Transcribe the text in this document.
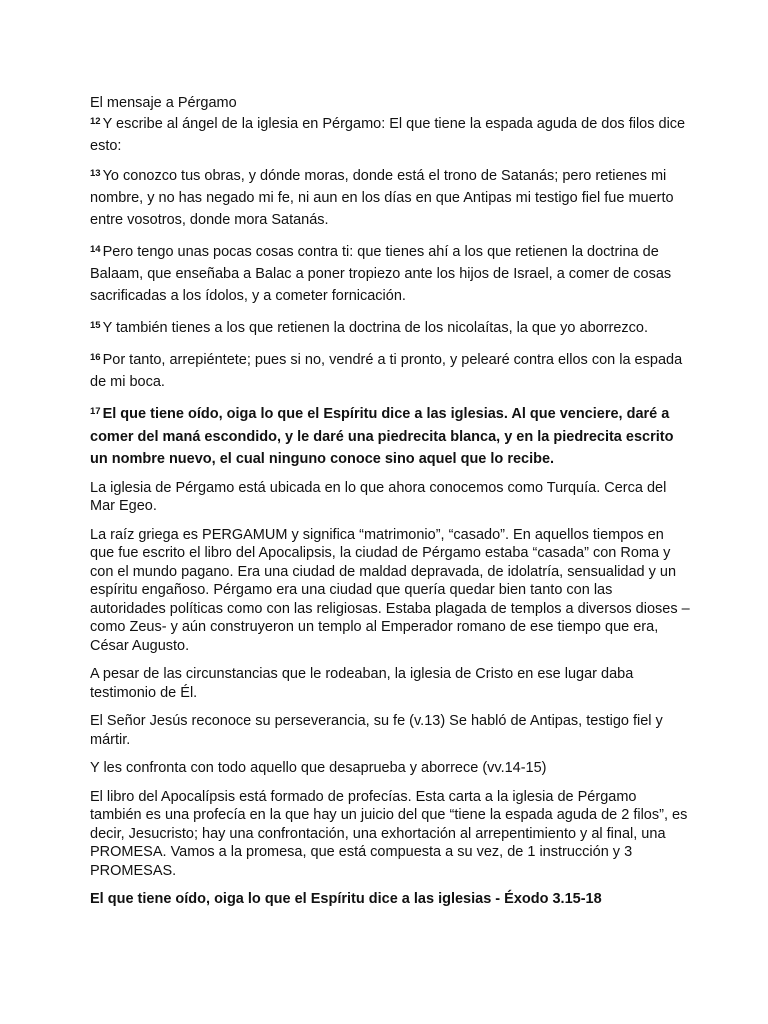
El mensaje a Pérgamo

$^{12}$ Y escribe al ángel de la iglesia en Pérgamo: El que tiene la espada aguda de dos filos dice esto:

$^{13}$ Yo conozco tus obras, y dónde moras, donde está el trono de Satanás; pero retienes mi nombre, y no has negado mi fe, ni aun en los días en que Antipas mi testigo fiel fue muerto entre vosotros, donde mora Satanás.

$^{14}$ Pero tengo unas pocas cosas contra ti: que tienes ahí a los que retienen la doctrina de Balaam, que enseñaba a Balac a poner tropiezo ante los hijos de Israel, a comer de cosas sacrificadas a los ídolos, y a cometer fornicación.

$^{15}$ Y también tienes a los que retienen la doctrina de los nicolaítas, la que yo aborrezco.

$^{16}$ Por tanto, arrepiéntete; pues si no, vendré a ti pronto, y pelearé contra ellos con la espada de mi boca.

$^{17}$ El que tiene oído, oiga lo que el Espíritu dice a las iglesias. Al que venciere, daré a comer del maná escondido, y le daré una piedrecita blanca, y en la piedrecita escrito un nombre nuevo, el cual ninguno conoce sino aquel que lo recibe.

La iglesia de Pérgamo está ubicada en lo que ahora conocemos como Turquía. Cerca del Mar Egeo.

La raíz griega es PERGAMUM y significa “matrimonio”, “casado”. En aquellos tiempos en que fue escrito el libro del Apocalipsis, la ciudad de Pérgamo estaba “casada” con Roma y con el mundo pagano. Era una ciudad de maldad depravada, de idolatría, sensualidad y un espíritu engañoso. Pérgamo era una ciudad que quería quedar bien tanto con las autoridades políticas como con las religiosas. Estaba plagada de templos a diversos dioses –como Zeus- y aún construyeron un templo al Emperador romano de ese tiempo que era, César Augusto.

A pesar de las circunstancias que le rodeaban, la iglesia de Cristo en ese lugar daba testimonio de Él.

El Señor Jesús reconoce su perseverancia, su fe (v.13) Se habló de Antipas, testigo fiel y mártir.

Y les confronta con todo aquello que desaprueba y aborrece (vv.14-15)

El libro del Apocalípsis está formado de profecías. Esta carta a la iglesia de Pérgamo también es una profecía en la que hay un juicio del que “tiene la espada aguda de 2 filos”, es decir, Jesucristo; hay una confrontación, una exhortación al arrepentimiento y al final, una PROMESA. Vamos a la promesa, que está compuesta a su vez, de 1 instrucción y 3 PROMESAS.

El que tiene oído, oiga lo que el Espíritu dice a las iglesias - Éxodo 3.15-18
